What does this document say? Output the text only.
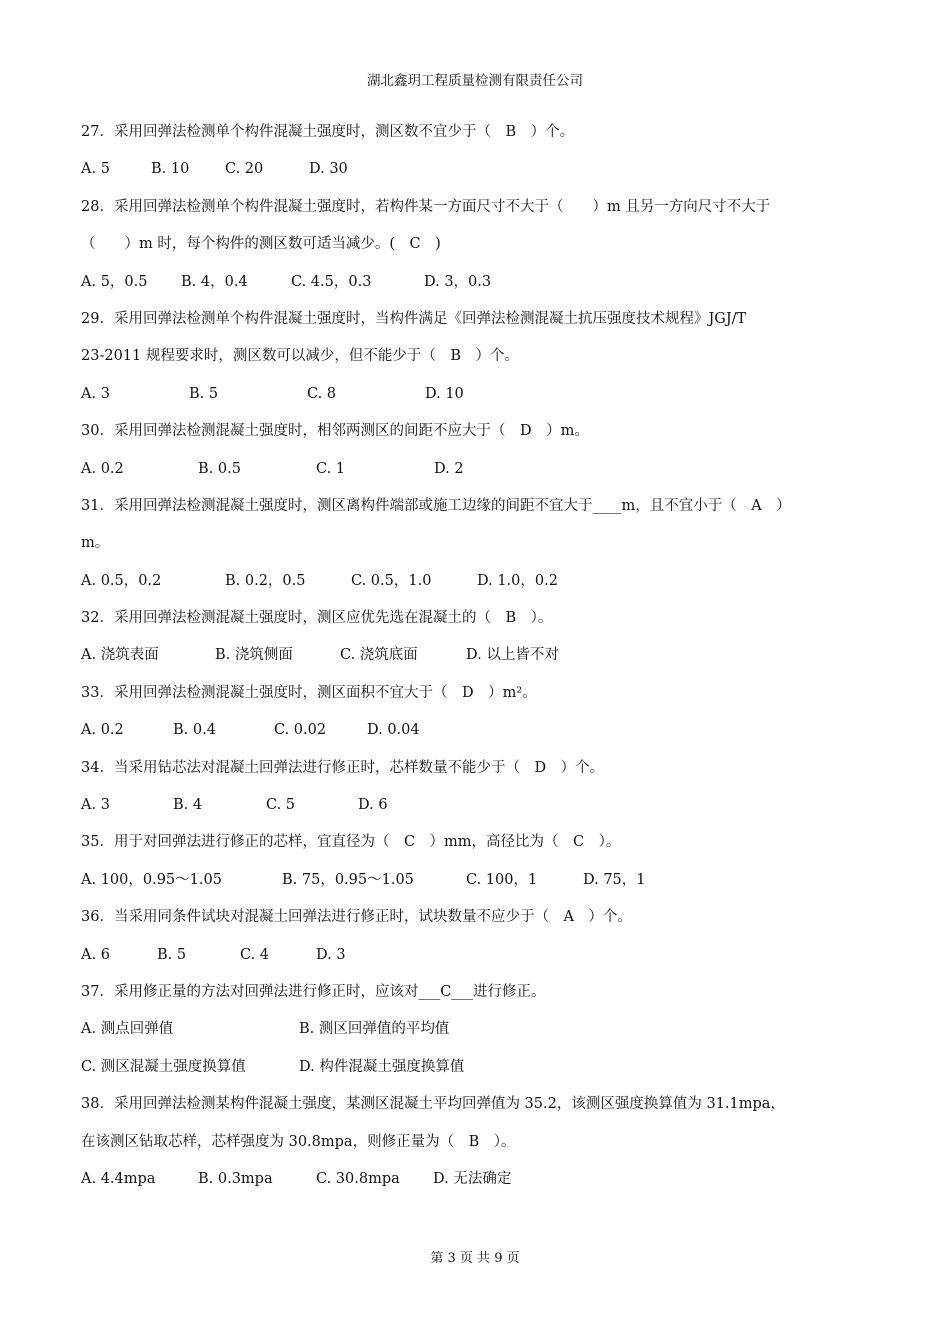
湖北鑫玥工程质量检测有限责任公司
27．采用回弹法检测单个构件混凝土强度时，测区数不宜少于（　B　）个。
A. 5	B. 10 C. 20	D. 30
28．采用回弹法检测单个构件混凝土强度时，若构件某一方面尺寸不大于（　　）m 且另一方向尺寸不大于
（　　）m 时，每个构件的测区数可适当减少。(　C　)
A. 5，0.5 B. 4，0.4	C. 4.5，0.3	D. 3，0.3
29．采用回弹法检测单个构件混凝土强度时，当构件满足《回弹法检测混凝土抗压强度技术规程》JGJ/T
23-2011 规程要求时，测区数可以减少，但不能少于（　B　）个。
A. 3	B. 5	C. 8	D. 10
30．采用回弹法检测混凝土强度时，相邻两测区的间距不应大于（　D　）m。
A. 0.2	B. 0.5	C. 1	D. 2
31．采用回弹法检测混凝土强度时，测区离构件端部或施工边缘的间距不宜大于____m，且不宜小于（　A　）
m。
A. 0.5，0.2	B. 0.2，0.5	C. 0.5，1.0	D. 1.0，0.2
32．采用回弹法检测混凝土强度时，测区应优先选在混凝土的（　B　）。
A. 浇筑表面	B. 浇筑侧面	C. 浇筑底面	D. 以上皆不对
33．采用回弹法检测混凝土强度时，测区面积不宜大于（　D　）m²。
A. 0.2	B. 0.4	C. 0.02	D. 0.04
34．当采用钻芯法对混凝土回弹法进行修正时，芯样数量不能少于（　D　）个。
A. 3	B. 4	C. 5	D. 6
35．用于对回弹法进行修正的芯样，宜直径为（　C　）mm，高径比为（　C　）。
A. 100，0.95～1.05	B. 75，0.95～1.05	C. 100，1	D. 75，1
36．当采用同条件试块对混凝土回弹法进行修正时，试块数量不应少于（　A　）个。
A. 6	B. 5	C. 4	D. 3
37．采用修正量的方法对回弹法进行修正时，应该对___C___进行修正。
A. 测点回弹值	B. 测区回弹值的平均值
C. 测区混凝土强度换算值	D. 构件混凝土强度换算值
38．采用回弹法检测某构件混凝土强度，某测区混凝土平均回弹值为 35.2，该测区强度换算值为 31.1mpa，
在该测区钻取芯样，芯样强度为 30.8mpa，则修正量为（　B　）。
A. 4.4mpa	B. 0.3mpa	C. 30.8mpa D. 无法确定
第 3 页 共 9 页
